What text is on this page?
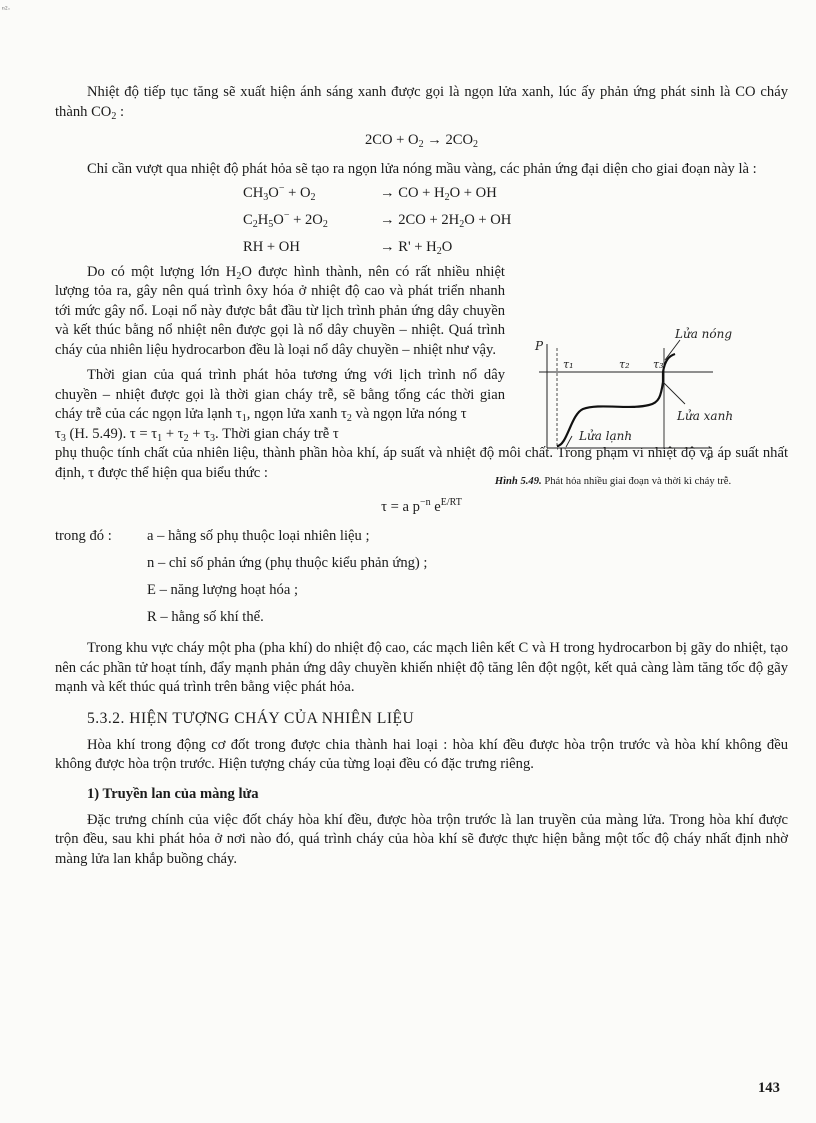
ⁿ²·

Nhiệt độ tiếp tục tăng sẽ xuất hiện ánh sáng xanh được gọi là ngọn lửa xanh, lúc ấy phản ứng phát sinh là CO cháy thành $CO_2$ :

$2CO + O_2 \to 2CO_2$

Chỉ cần vượt qua nhiệt độ phát hỏa sẽ tạo ra ngọn lửa nóng mầu vàng, các phản ứng đại diện cho giai đoạn này là :

$CH_3O^- + O_2$	→ CO + $H_2O$ + OH
$C_2H_5O^- + 2O_2$	→ $2CO + 2H_2O$ + OH
RH + OH	→ $R' + H_2O$

Do có một lượng lớn $H_2O$ được hình thành, nên có rất nhiều nhiệt lượng tỏa ra, gây nên quá trình ôxy hóa ở nhiệt độ cao và phát triển nhanh tới mức gây nổ. Loại nổ này được bắt đầu từ lịch trình phản ứng dây chuyền và kết thúc bằng nổ nhiệt nên được gọi là nổ dây chuyền – nhiệt. Quá trình cháy của nhiên liệu hydrocarbon đều là loại nổ dây chuyền – nhiệt như vậy.

Thời gian của quá trình phát hỏa tương ứng với lịch trình nổ dây chuyền – nhiệt được gọi là thời gian cháy trễ, sẽ bằng tổng các thời gian cháy trễ của các ngọn lửa lạnh $\tau_1$, ngọn lửa xanh $\tau_2$ và ngọn lửa nóng τ

$\tau_3$ (H. 5.49). $\tau = \tau_1 + \tau_2 + \tau_3$. Thời gian cháy trễ τ

phụ thuộc tính chất của nhiên liệu, thành phần hòa khí, áp suất và nhiệt độ môi chất. Trong phạm vi nhiệt độ và áp suất nhất định, τ được thể hiện qua biểu thức :

τ = a $p^{-n}$ $e^{E/RT}$

trong đó :	a – hằng số phụ thuộc loại nhiên liệu ;
n – chỉ số phản ứng (phụ thuộc kiểu phản ứng) ;
E – năng lượng hoạt hóa ;
R – hằng số khí thể.

Trong khu vực cháy một pha (pha khí) do nhiệt độ cao, các mạch liên kết C và H trong hydrocarbon bị gãy do nhiệt, tạo nên các phần tử hoạt tính, đẩy mạnh phản ứng dây chuyền khiến nhiệt độ tăng lên đột ngột, kết quả càng làm tăng tốc độ gãy mạnh và kết thúc quá trình trên bằng việc phát hỏa.

5.3.2. HIỆN TƯỢNG CHÁY CỦA NHIÊN LIỆU

Hòa khí trong động cơ đốt trong được chia thành hai loại : hòa khí đều được hòa trộn trước và hòa khí không đều không được hòa trộn trước. Hiện tượng cháy của từng loại đều có đặc trưng riêng.

1) Truyền lan của màng lửa

Đặc trưng chính của việc đốt cháy hòa khí đều, được hòa trộn trước là lan truyền của màng lửa. Trong hòa khí được trộn đều, sau khi phát hỏa ở nơi nào đó, quá trình cháy của hòa khí sẽ được thực hiện bằng một tốc độ cháy nhất định nhờ màng lửa lan khắp buồng cháy.

P
τ₁	τ₂ τ₃
Lửa nóng
Lửa xanh
Lửa lạnh
Hình 5.49. Phát hỏa nhiều giai đoạn và thời kì cháy trễ.
143
